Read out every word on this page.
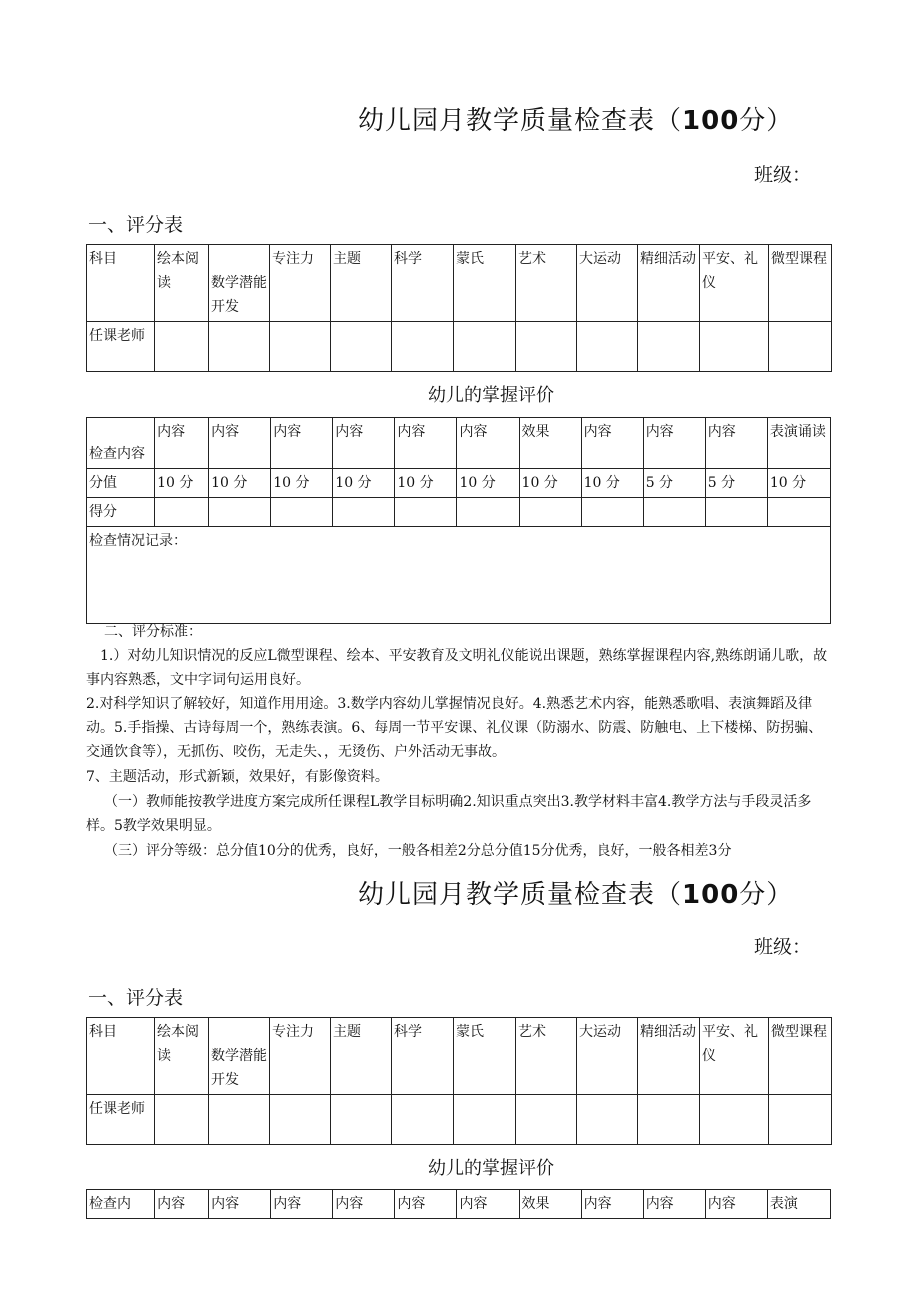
幼儿园月教学质量检查表（100分）
班级：
一、评分表
科目	绘本阅读	数学潜能开发	专注力	主题	科学	蒙氏	艺术	大运动	精细活动	平安、礼仪	微型课程
任课老师											
幼儿的掌握评价
检查内容	内容	内容	内容	内容	内容	内容	效果	内容	内容	内容	表演诵读
分值	10 分	10 分	10 分	10 分	10 分	10 分	10 分	10 分	5 分	5 分	10 分
得分											
检查情况记录：											
二、评分标准：
1.）对幼儿知识情况的反应L微型课程、绘本、平安教育及文明礼仪能说出课题，熟练掌握课程内容,熟练朗诵儿歌，故事内容熟悉，文中字词句运用良好。
2.对科学知识了解较好，知道作用用途。3.数学内容幼儿掌握情况良好。4.熟悉艺术内容，能熟悉歌唱、表演舞蹈及律动。5.手指操、古诗每周一个，熟练表演。6、每周一节平安课、礼仪课（防溺水、防震、防触电、上下楼梯、防拐骗、交通饮食等），无抓伤、咬伤，无走失、，无烫伤、户外活动无事故。
7、主题活动，形式新颖，效果好，有影像资料。
（一）教师能按教学进度方案完成所任课程L教学目标明确2.知识重点突出3.教学材料丰富4.教学方法与手段灵活多样。5教学效果明显。
（三）评分等级：总分值10分的优秀，良好，一般各相差2分总分值15分优秀，良好，一般各相差3分
幼儿园月教学质量检查表（100分）
班级：
一、评分表
科目	绘本阅读	数学潜能开发	专注力	主题	科学	蒙氏	艺术	大运动	精细活动	平安、礼仪	微型课程
任课老师											
幼儿的掌握评价
检查内	内容	内容	内容	内容	内容	内容	效果	内容	内容	内容	表演
